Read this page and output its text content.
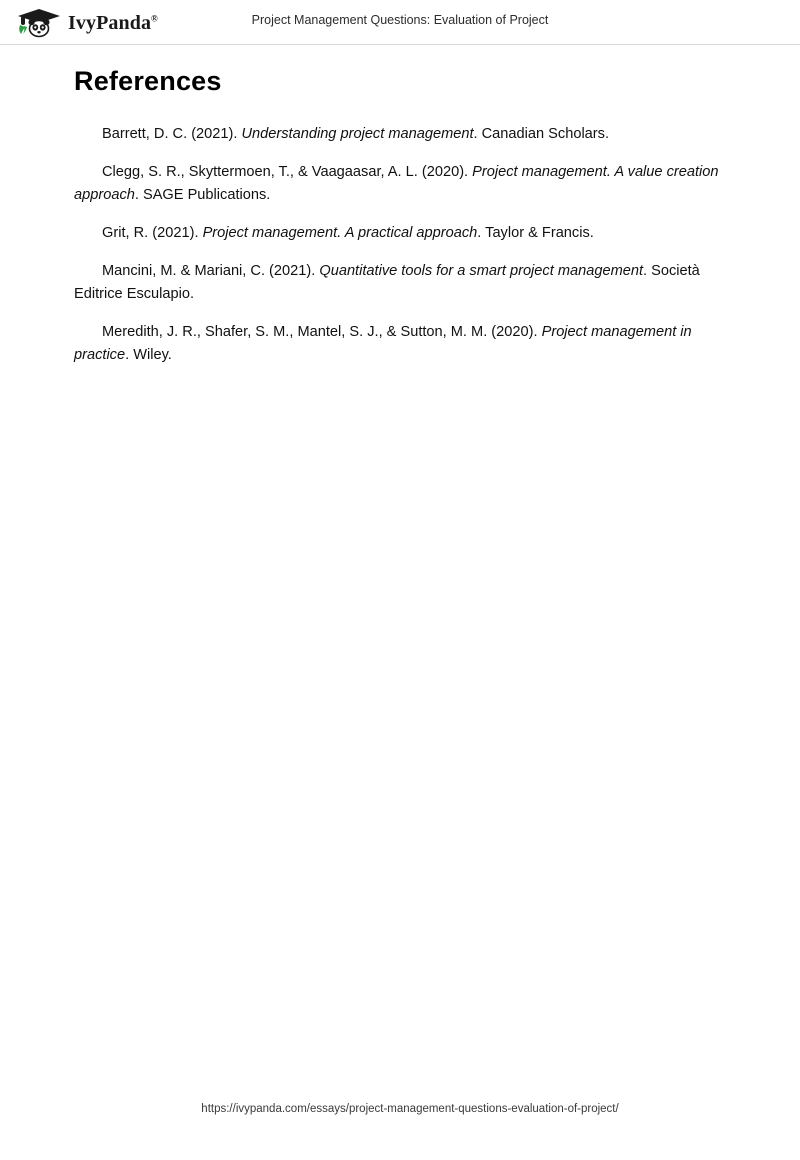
IvyPanda®	Project Management Questions: Evaluation of Project
References

Barrett, D. C. (2021). Understanding project management. Canadian Scholars.

Clegg, S. R., Skyttermoen, T., & Vaagaasar, A. L. (2020). Project management. A value creation approach. SAGE Publications.

Grit, R. (2021). Project management. A practical approach. Taylor & Francis.

Mancini, M. & Mariani, C. (2021). Quantitative tools for a smart project management. Società Editrice Esculapio.

Meredith, J. R., Shafer, S. M., Mantel, S. J., & Sutton, M. M. (2020). Project management in practice. Wiley.

https://ivypanda.com/essays/project-management-questions-evaluation-of-project/
